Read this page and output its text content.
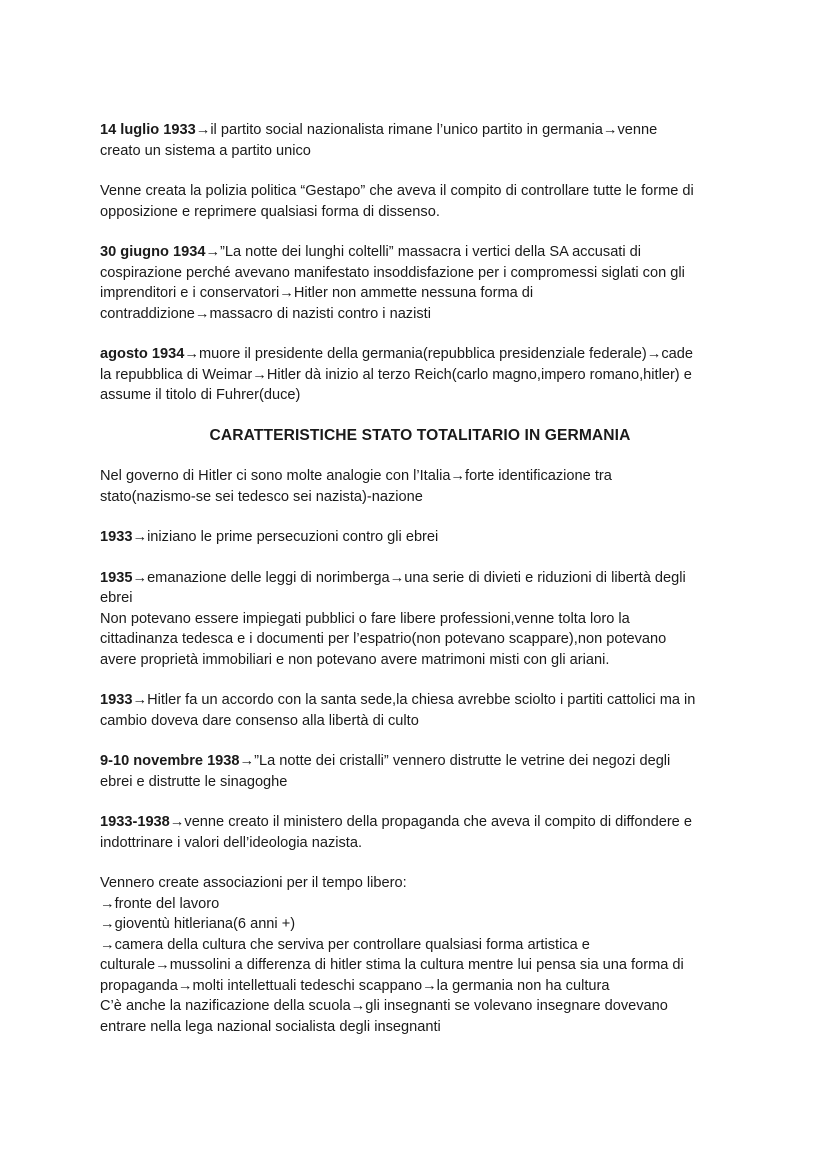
14 luglio 1933→il partito social nazionalista rimane l’unico partito in germania→venne
creato un sistema a partito unico
Venne creata la polizia politica “Gestapo” che aveva il compito di controllare tutte le forme di
opposizione e reprimere qualsiasi forma di dissenso.
30 giugno 1934→”La notte dei lunghi coltelli” massacra i vertici della SA accusati di
cospirazione perché avevano manifestato insoddisfazione per i compromessi siglati con gli
imprenditori e i conservatori→Hitler non ammette nessuna forma di
contraddizione→massacro di nazisti contro i nazisti
agosto 1934→muore il presidente della germania(repubblica presidenziale federale)→cade
la repubblica di Weimar→Hitler dà inizio al terzo Reich(carlo magno,impero romano,hitler) e
assume il titolo di Fuhrer(duce)
CARATTERISTICHE STATO TOTALITARIO IN GERMANIA
Nel governo di Hitler ci sono molte analogie con l’Italia→forte identificazione tra
stato(nazismo-se sei tedesco sei nazista)-nazione
1933→iniziano le prime persecuzioni contro gli ebrei
1935→emanazione delle leggi di norimberga→una serie di divieti e riduzioni di libertà degli
ebrei
Non potevano essere impiegati pubblici o fare libere professioni,venne tolta loro la
cittadinanza tedesca e i documenti per l’espatrio(non potevano scappare),non potevano
avere proprietà immobiliari e non potevano avere matrimoni misti con gli ariani.
1933→Hitler fa un accordo con la santa sede,la chiesa avrebbe sciolto i partiti cattolici ma in
cambio doveva dare consenso alla libertà di culto
9-10 novembre 1938→”La notte dei cristalli” vennero distrutte le vetrine dei negozi degli
ebrei e distrutte le sinagoghe
1933-1938→venne creato il ministero della propaganda che aveva il compito di diffondere e
indottrinare i valori dell’ideologia nazista.
Vennero create associazioni per il tempo libero:
→fronte del lavoro
→gioventù hitleriana(6 anni +)
→camera della cultura che serviva per controllare qualsiasi forma artistica e
culturale→mussolini a differenza di hitler stima la cultura mentre lui pensa sia una forma di
propaganda→molti intellettuali tedeschi scappano→la germania non ha cultura
C’è anche la nazificazione della scuola→gli insegnanti se volevano insegnare dovevano
entrare nella lega nazional socialista degli insegnanti
